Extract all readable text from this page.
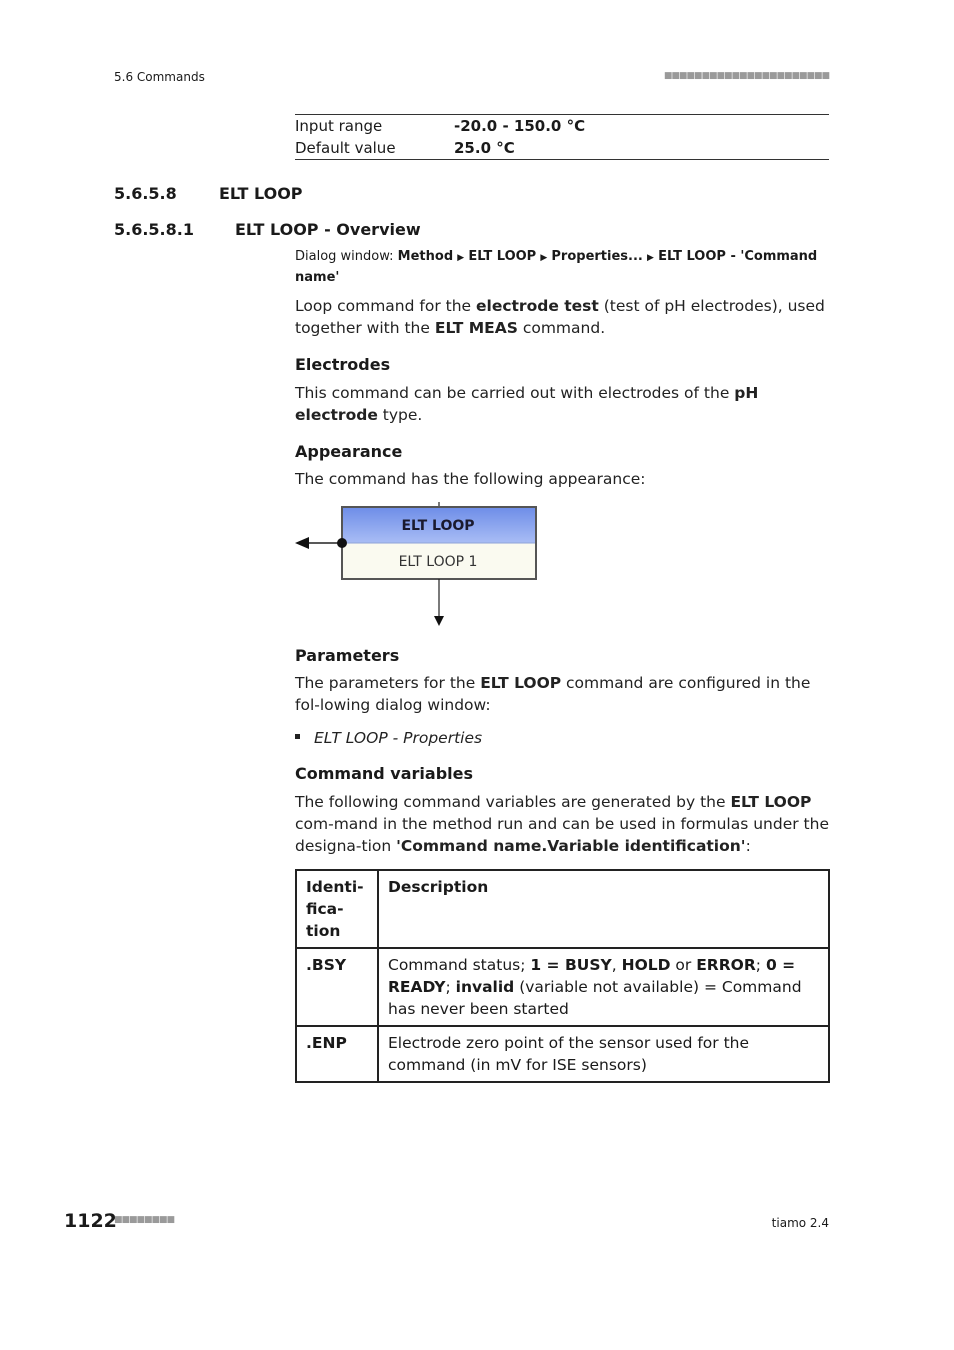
5.6 Commands	■■■■■■■■■■■■■■■■■■■■■■
Input range	-20.0 - 150.0 °C
Default value	25.0 °C
5.6.5.8	ELT LOOP
5.6.5.8.1	ELT LOOP - Overview
Dialog window: Method ▶ ELT LOOP ▶ Properties... ▶ ELT LOOP - 'Command name'
Loop command for the electrode test (test of pH electrodes), used together with the ELT MEAS command.
Electrodes
This command can be carried out with electrodes of the pH electrode type.
Appearance
The command has the following appearance:
ELT LOOP
ELT LOOP 1
Parameters
The parameters for the ELT LOOP command are configured in the fol-lowing dialog window:
ELT LOOP - Properties
Command variables
The following command variables are generated by the ELT LOOP com-mand in the method run and can be used in formulas under the designa-tion 'Command name.Variable identification':
Identi-fica-tion	Description
.BSY	Command status; 1 = BUSY, HOLD or ERROR; 0 = READY; invalid (variable not available) = Command has never been started
.ENP	Electrode zero point of the sensor used for the command (in mV for ISE sensors)
1122
■■■■■■■■	tiamo 2.4
